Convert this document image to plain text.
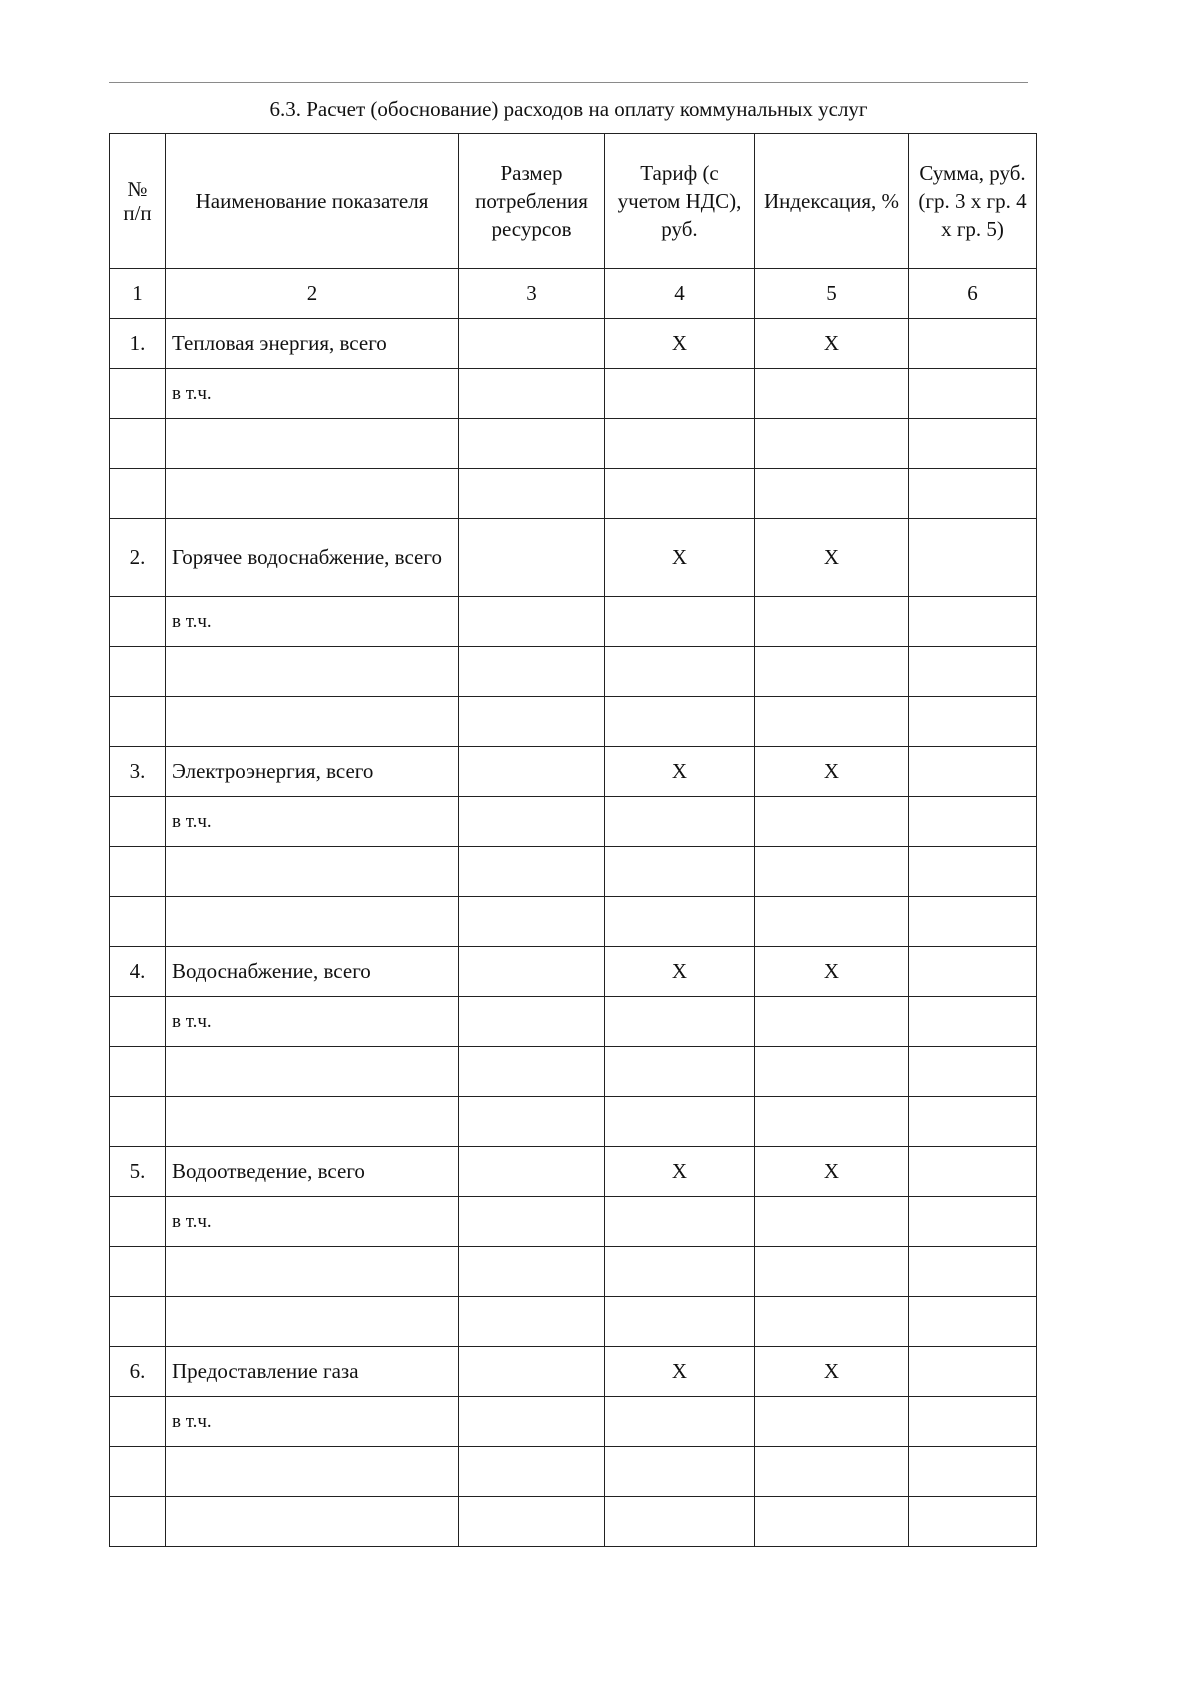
6.3. Расчет (обоснование) расходов на оплату коммунальных услуг
№
п/п	Наименование показателя	Размер потребления ресурсов	Тариф (с учетом НДС), руб.	Индексация, %	Сумма, руб. (гр. 3 х гр. 4 х гр. 5)
1	2	3	4	5	6
1.	Тепловая энергия, всего		X	X	
	в т.ч.				

2.	Горячее водоснабжение, всего		X	X	
	в т.ч.				

3.	Электроэнергия, всего		X	X	
	в т.ч.				

4.	Водоснабжение, всего		X	X	
	в т.ч.				

5.	Водоотведение, всего		X	X	
	в т.ч.				

6.	Предоставление газа		X	X	
	в т.ч.				
